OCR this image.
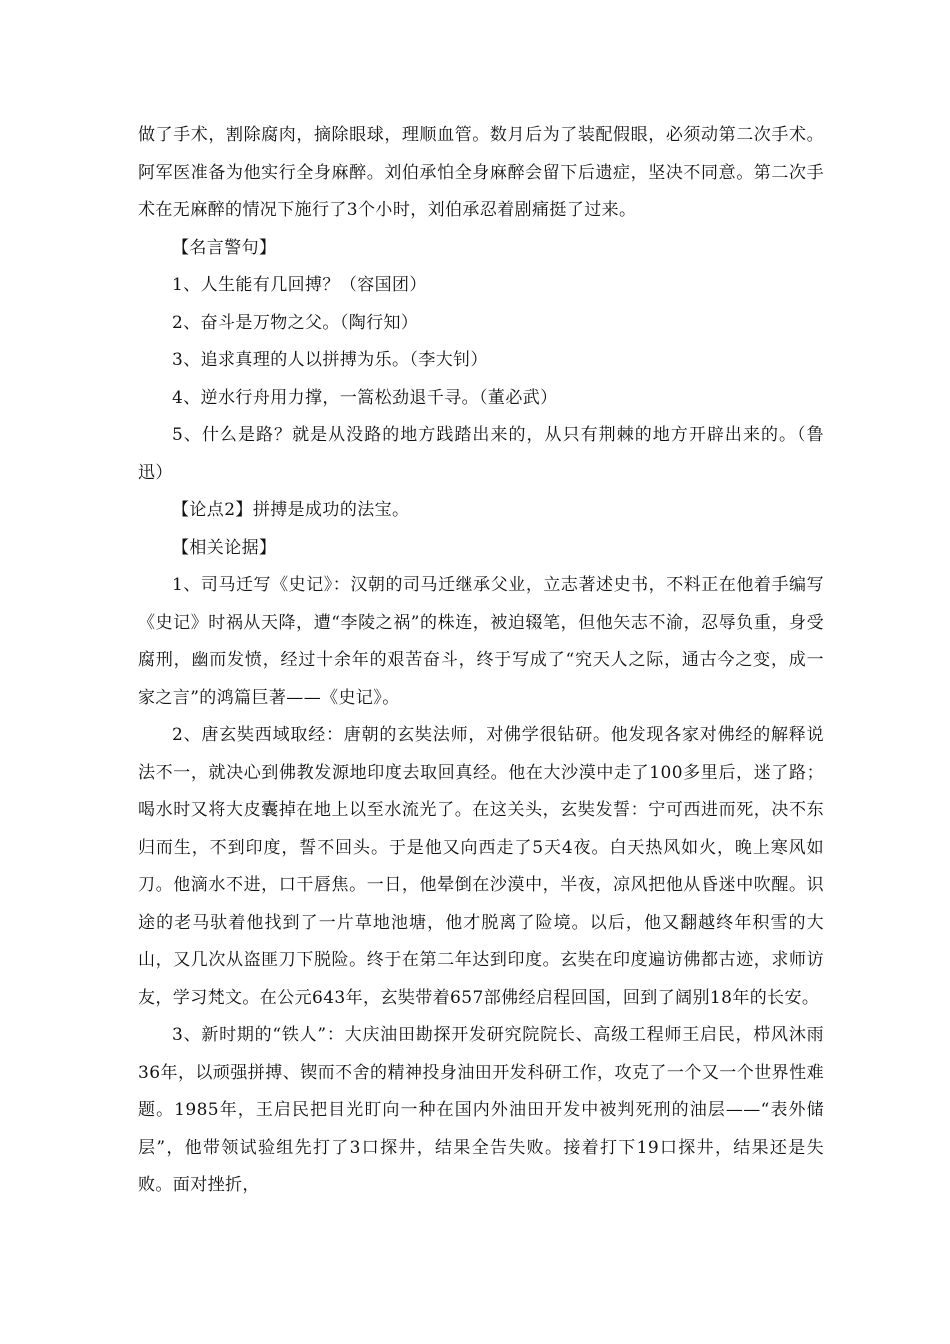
做了手术，割除腐肉，摘除眼球，理顺血管。数月后为了装配假眼，必须动第二次手术。阿军医准备为他实行全身麻醉。刘伯承怕全身麻醉会留下后遗症，坚决不同意。第二次手术在无麻醉的情况下施行了3个小时，刘伯承忍着剧痛挺了过来。

【名言警句】

1、人生能有几回搏？（容国团）

2、奋斗是万物之父。（陶行知）

3、追求真理的人以拼搏为乐。（李大钊）

4、逆水行舟用力撑，一篙松劲退千寻。（董必武）

5、什么是路？就是从没路的地方践踏出来的，从只有荆棘的地方开辟出来的。（鲁迅）

【论点2】拼搏是成功的法宝。

【相关论据】

1、司马迁写《史记》：汉朝的司马迁继承父业，立志著述史书，不料正在他着手编写《史记》时祸从天降，遭“李陵之祸”的株连，被迫辍笔，但他矢志不渝，忍辱负重，身受腐刑，幽而发愤，经过十余年的艰苦奋斗，终于写成了“究天人之际，通古今之变，成一家之言”的鸿篇巨著——《史记》。

2、唐玄奘西域取经：唐朝的玄奘法师，对佛学很钻研。他发现各家对佛经的解释说法不一，就决心到佛教发源地印度去取回真经。他在大沙漠中走了100多里后，迷了路；喝水时又将大皮囊掉在地上以至水流光了。在这关头，玄奘发誓：宁可西进而死，决不东归而生，不到印度，誓不回头。于是他又向西走了5天4夜。白天热风如火，晚上寒风如刀。他滴水不进，口干唇焦。一日，他晕倒在沙漠中，半夜，凉风把他从昏迷中吹醒。识途的老马驮着他找到了一片草地池塘，他才脱离了险境。以后，他又翻越终年积雪的大山，又几次从盗匪刀下脱险。终于在第二年达到印度。玄奘在印度遍访佛都古迹，求师访友，学习梵文。在公元643年，玄奘带着657部佛经启程回国，回到了阔别18年的长安。

3、新时期的“铁人”：大庆油田勘探开发研究院院长、高级工程师王启民，栉风沐雨36年，以顽强拼搏、锲而不舍的精神投身油田开发科研工作，攻克了一个又一个世界性难题。1985年，王启民把目光盯向一种在国内外油田开发中被判死刑的油层——“表外储层”，他带领试验组先打了3口探井，结果全告失败。接着打下19口探井，结果还是失败。面对挫折，
